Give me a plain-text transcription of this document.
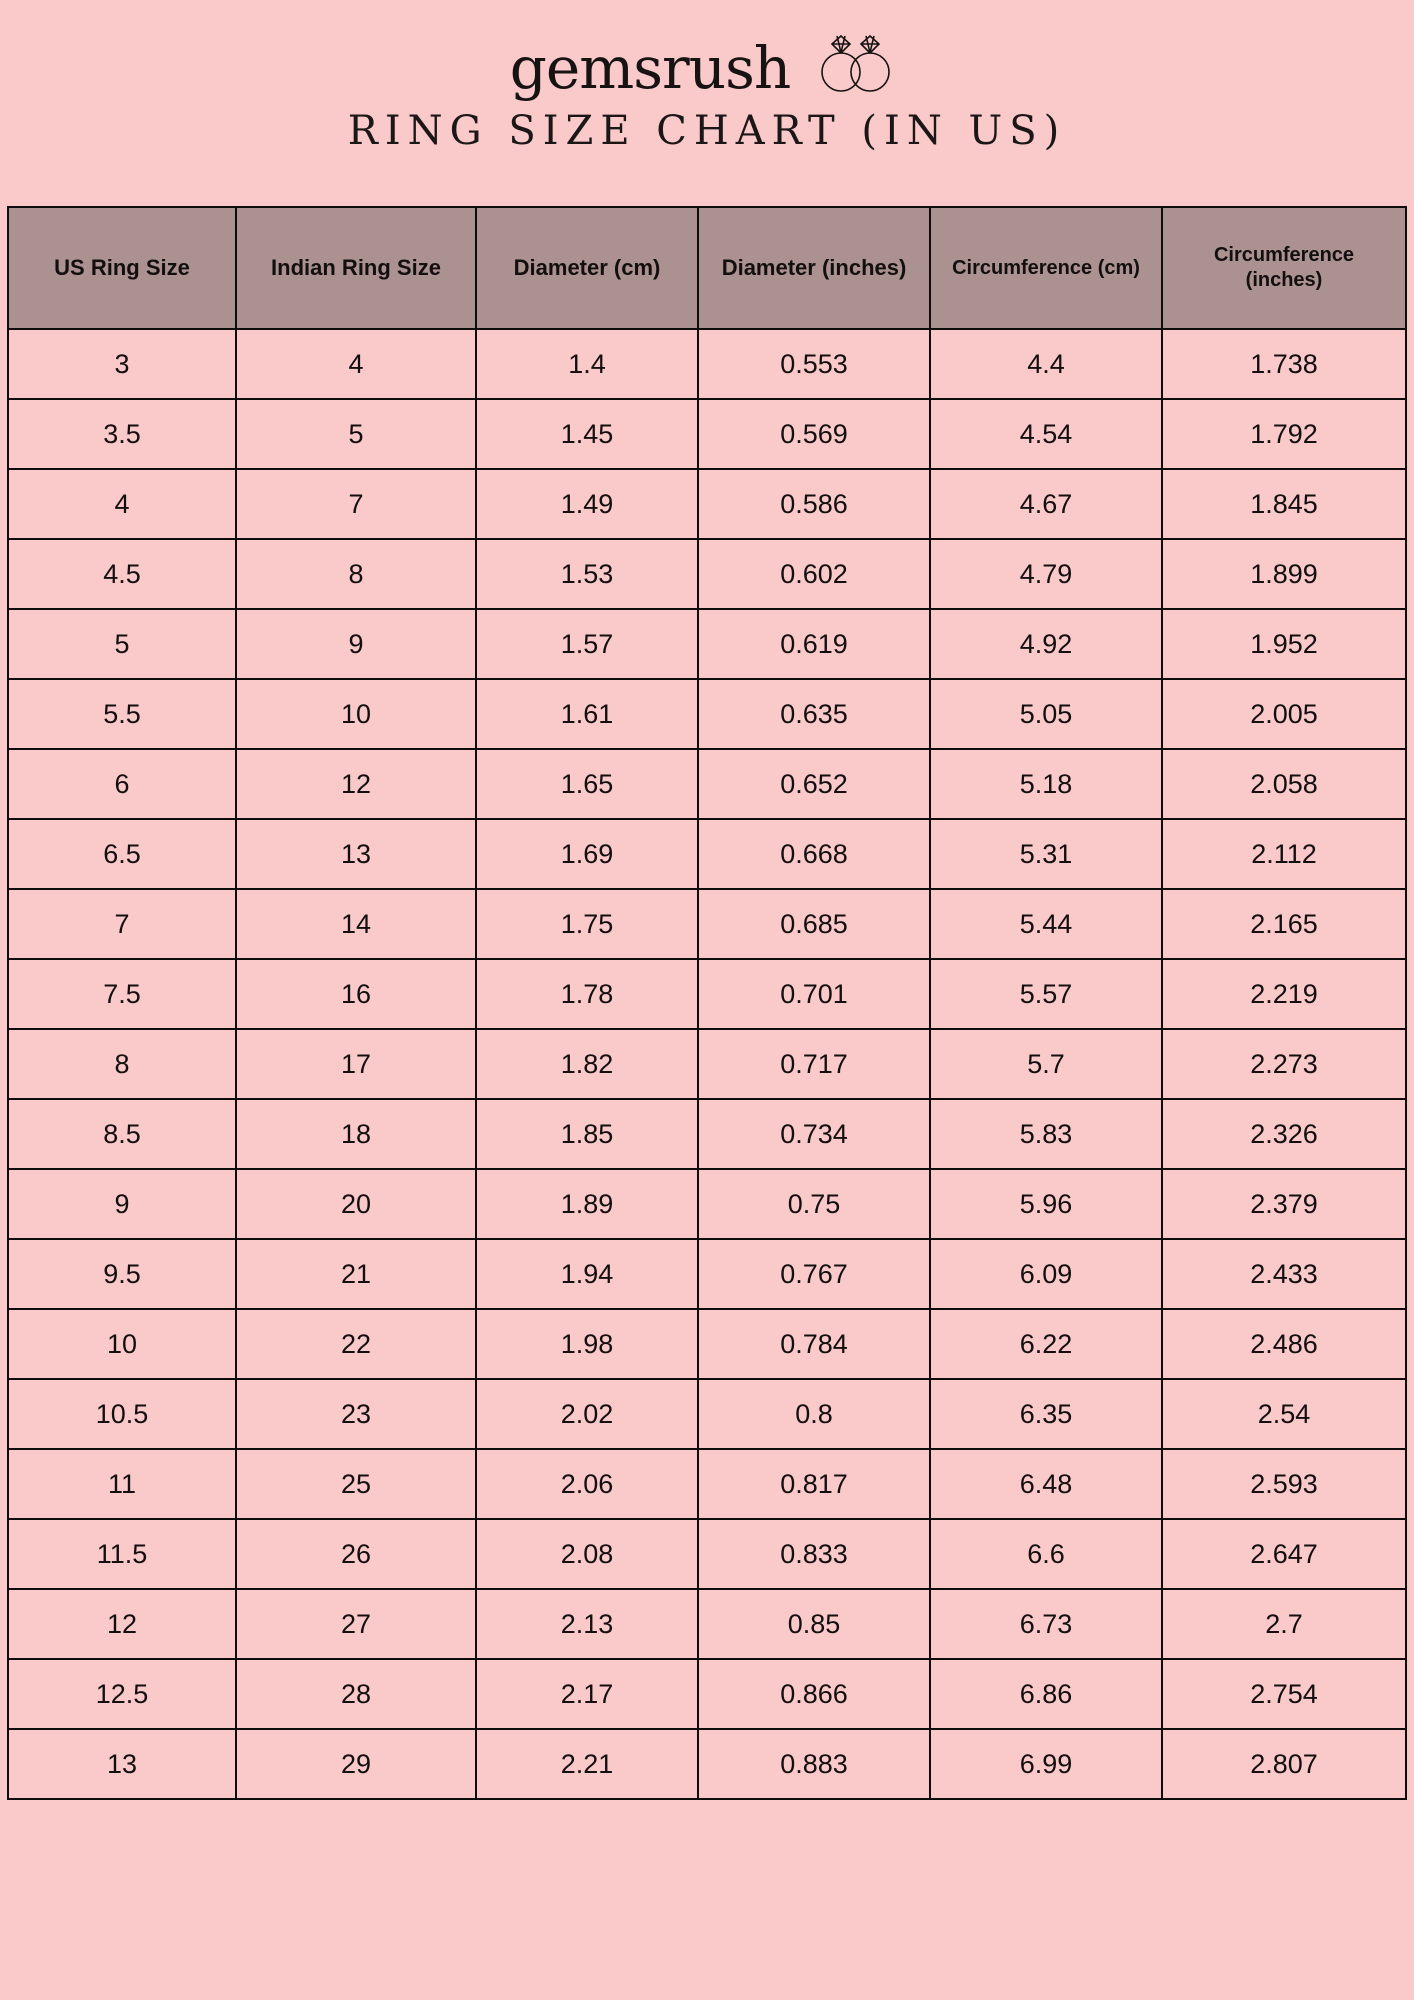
gemsrush
RING SIZE CHART (IN US)
US Ring Size	Indian Ring Size	Diameter (cm)	Diameter (inches)	Circumference (cm)	Circumference (inches)
3	4	1.4	0.553	4.4	1.738
3.5	5	1.45	0.569	4.54	1.792
4	7	1.49	0.586	4.67	1.845
4.5	8	1.53	0.602	4.79	1.899
5	9	1.57	0.619	4.92	1.952
5.5	10	1.61	0.635	5.05	2.005
6	12	1.65	0.652	5.18	2.058
6.5	13	1.69	0.668	5.31	2.112
7	14	1.75	0.685	5.44	2.165
7.5	16	1.78	0.701	5.57	2.219
8	17	1.82	0.717	5.7	2.273
8.5	18	1.85	0.734	5.83	2.326
9	20	1.89	0.75	5.96	2.379
9.5	21	1.94	0.767	6.09	2.433
10	22	1.98	0.784	6.22	2.486
10.5	23	2.02	0.8	6.35	2.54
11	25	2.06	0.817	6.48	2.593
11.5	26	2.08	0.833	6.6	2.647
12	27	2.13	0.85	6.73	2.7
12.5	28	2.17	0.866	6.86	2.754
13	29	2.21	0.883	6.99	2.807
